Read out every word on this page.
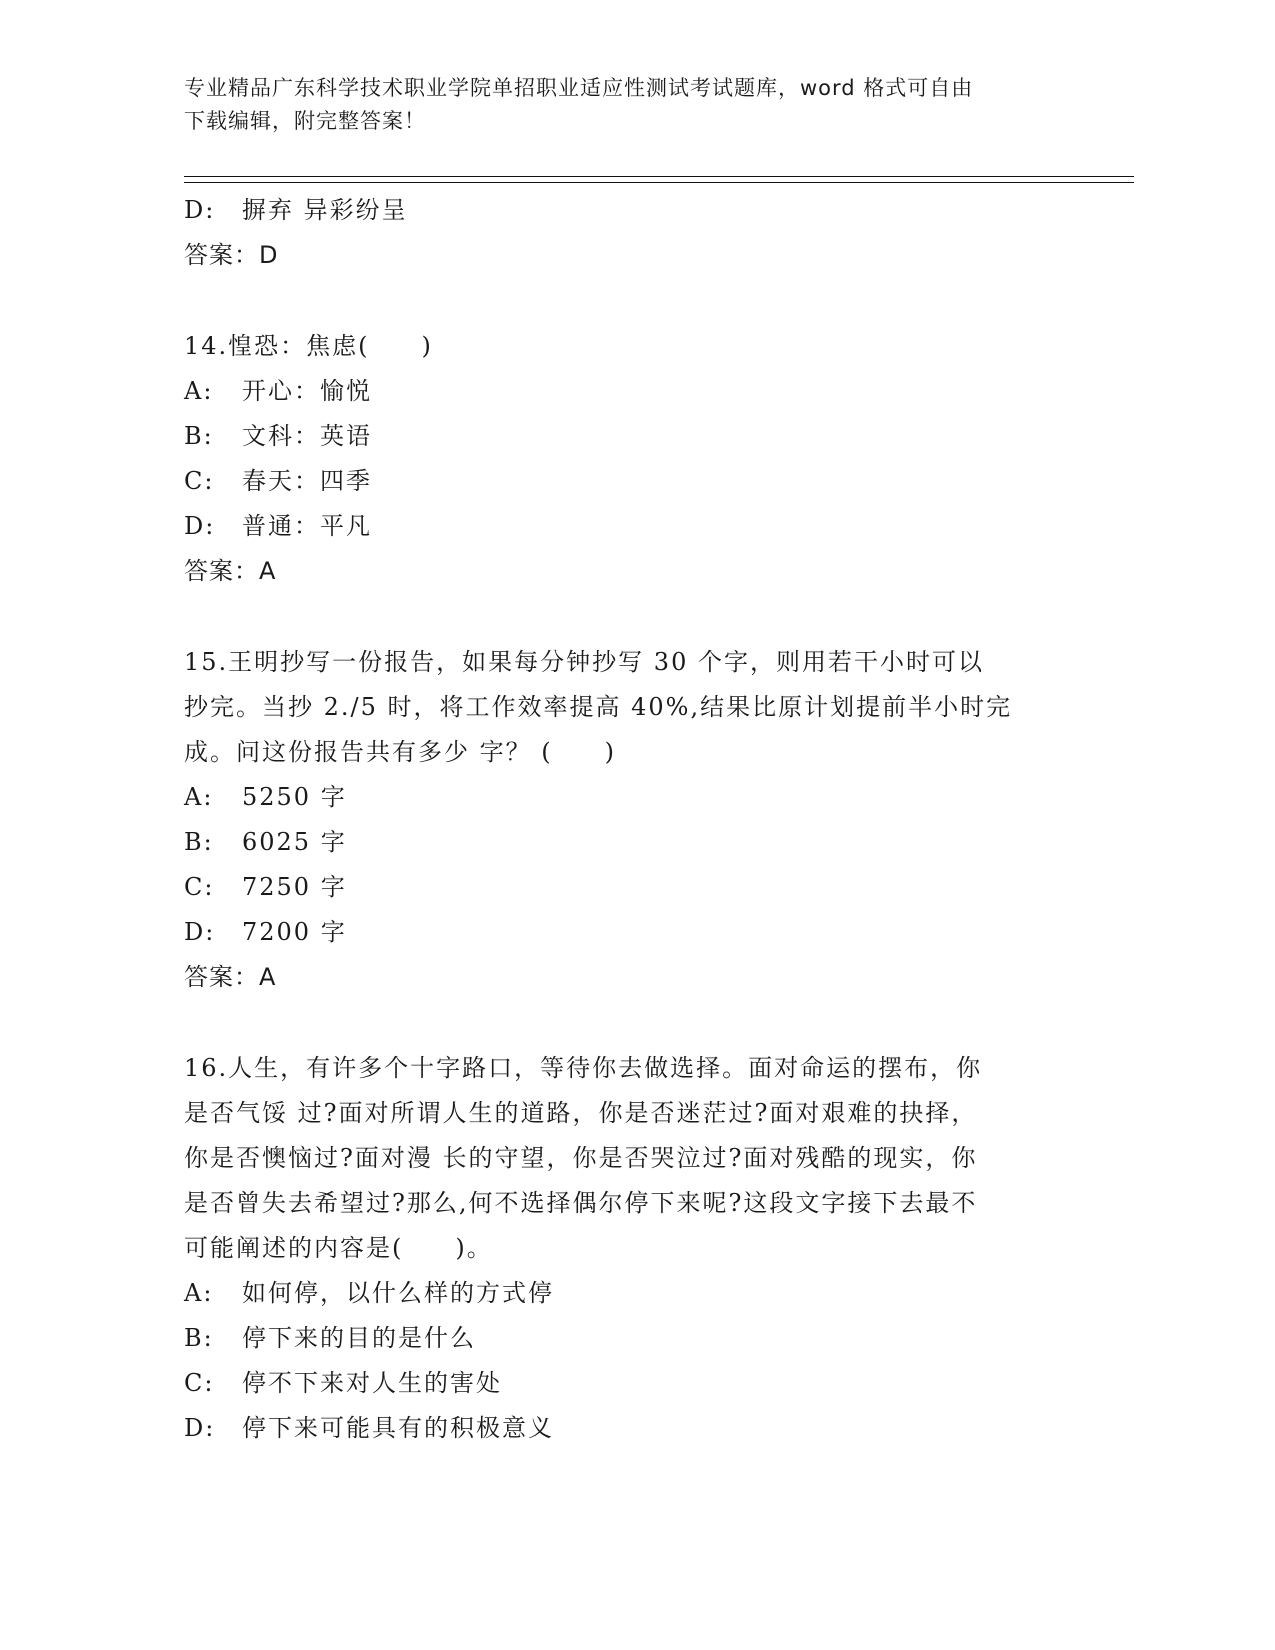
专业精品广东科学技术职业学院单招职业适应性测试考试题库，word 格式可自由
下载编辑，附完整答案！
D: 摒弃 异彩纷呈
答案：D
14.惶恐：焦虑(　　)
A: 开心：愉悦
B: 文科：英语
C: 春天：四季
D: 普通：平凡
答案：A
15.王明抄写一份报告，如果每分钟抄写 30 个字，则用若干小时可以
抄完。当抄 2./5 时，将工作效率提高 40%,结果比原计划提前半小时完
成。问这份报告共有多少 字？ (　　)
A: 5250 字
B: 6025 字
C: 7250 字
D: 7200 字
答案：A
16.人生，有许多个十字路口，等待你去做选择。面对命运的摆布，你
是否气馁 过?面对所谓人生的道路，你是否迷茫过?面对艰难的抉择，
你是否懊恼过?面对漫 长的守望，你是否哭泣过?面对残酷的现实，你
是否曾失去希望过?那么,何不选择偶尔停下来呢?这段文字接下去最不
可能阐述的内容是(　　)。
A: 如何停，以什么样的方式停
B: 停下来的目的是什么
C: 停不下来对人生的害处
D: 停下来可能具有的积极意义
